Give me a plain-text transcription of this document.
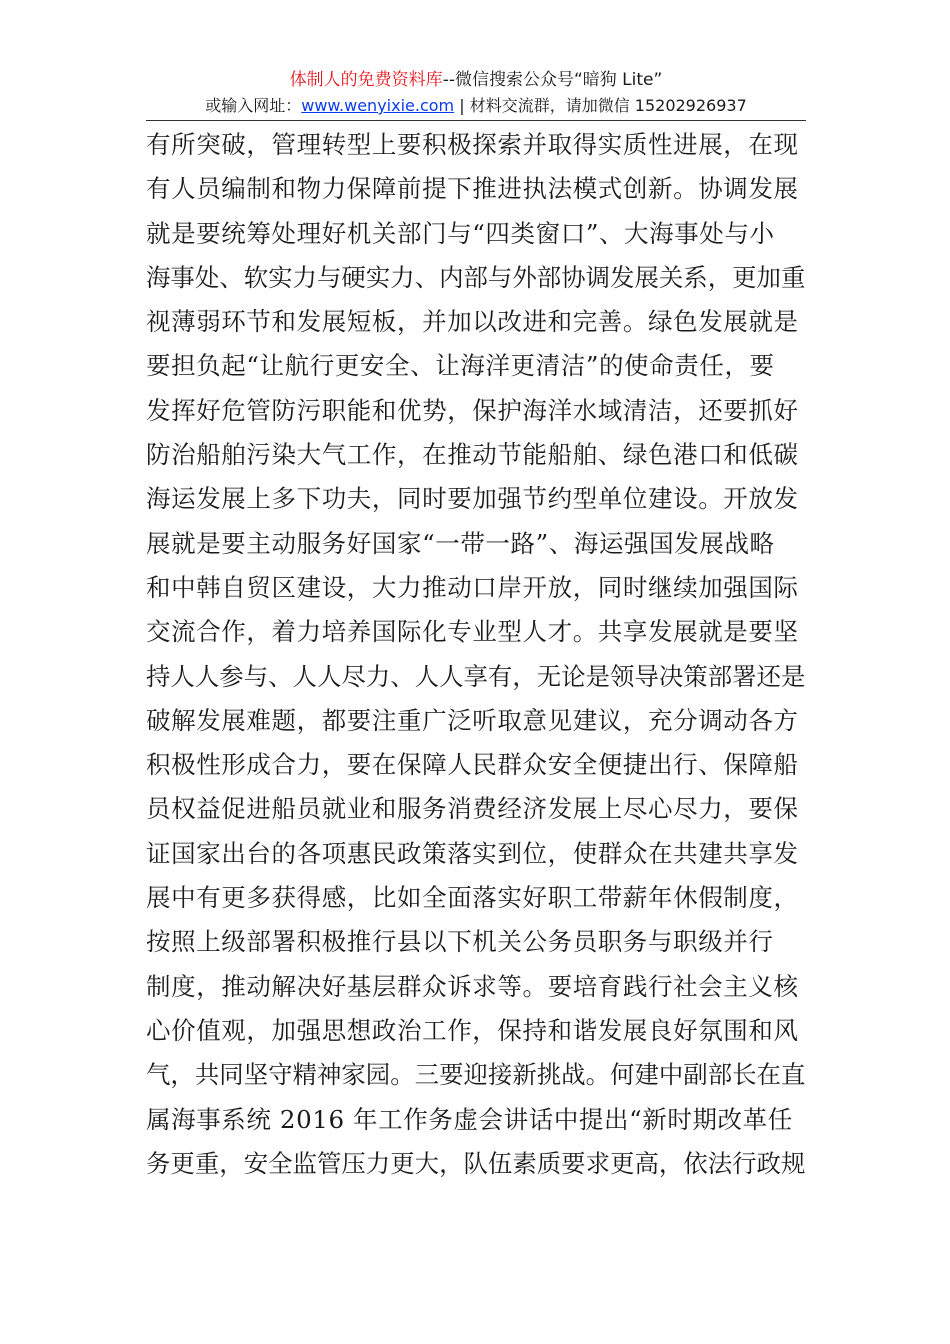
体制人的免费资料库--微信搜索公众号“暗狗 Lite”
或输入网址：www.wenyixie.com | 材料交流群，请加微信 15202926937
有所突破，管理转型上要积极探索并取得实质性进展，在现
有人员编制和物力保障前提下推进执法模式创新。协调发展
就是要统筹处理好机关部门与“四类窗口”、大海事处与小
海事处、软实力与硬实力、内部与外部协调发展关系，更加重
视薄弱环节和发展短板，并加以改进和完善。绿色发展就是
要担负起“让航行更安全、让海洋更清洁”的使命责任，要
发挥好危管防污职能和优势，保护海洋水域清洁，还要抓好
防治船舶污染大气工作，在推动节能船舶、绿色港口和低碳
海运发展上多下功夫，同时要加强节约型单位建设。开放发
展就是要主动服务好国家“一带一路”、海运强国发展战略
和中韩自贸区建设，大力推动口岸开放，同时继续加强国际
交流合作，着力培养国际化专业型人才。共享发展就是要坚
持人人参与、人人尽力、人人享有，无论是领导决策部署还是
破解发展难题，都要注重广泛听取意见建议，充分调动各方
积极性形成合力，要在保障人民群众安全便捷出行、保障船
员权益促进船员就业和服务消费经济发展上尽心尽力，要保
证国家出台的各项惠民政策落实到位，使群众在共建共享发
展中有更多获得感，比如全面落实好职工带薪年休假制度，
按照上级部署积极推行县以下机关公务员职务与职级并行
制度，推动解决好基层群众诉求等。要培育践行社会主义核
心价值观，加强思想政治工作，保持和谐发展良好氛围和风
气，共同坚守精神家园。三要迎接新挑战。何建中副部长在直
属海事系统 2016 年工作务虚会讲话中提出“新时期改革任
务更重，安全监管压力更大，队伍素质要求更高，依法行政规
